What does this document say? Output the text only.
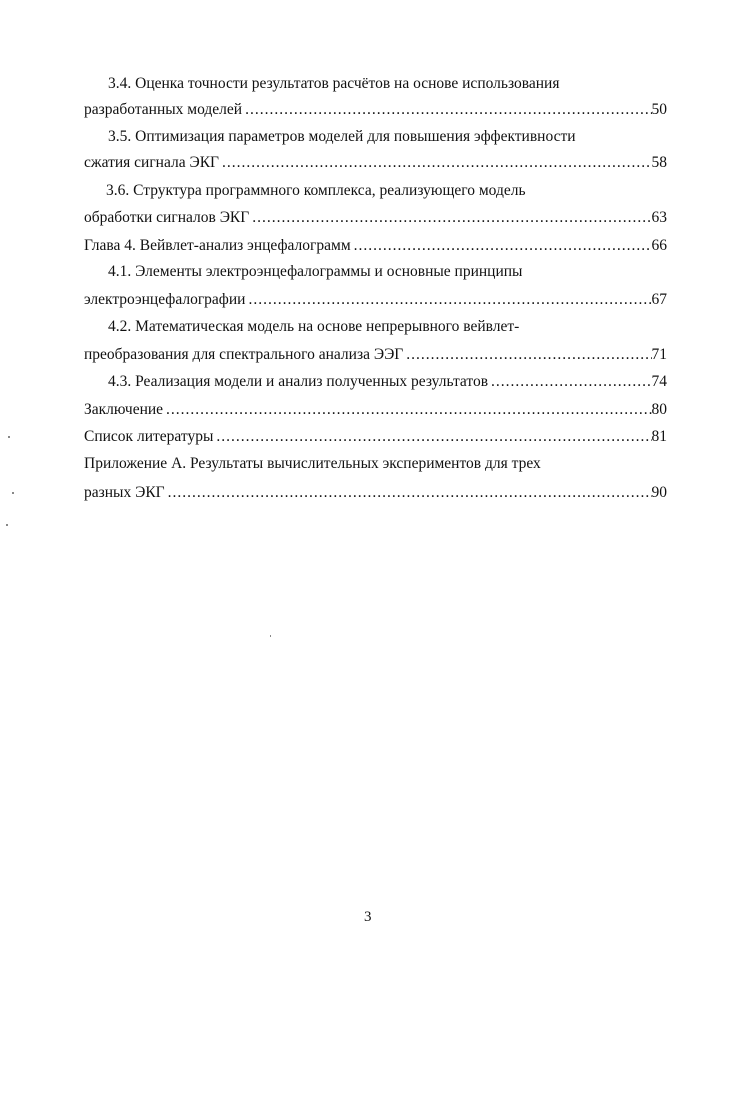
3.4. Оценка точности результатов расчётов на основе использования
разработанных моделей .....	50
3.5. Оптимизация параметров моделей для повышения эффективности
сжатия сигнала ЭКГ .....	58
3.6. Структура программного комплекса, реализующего модель
обработки сигналов ЭКГ .....	63
Глава 4. Вейвлет-анализ энцефалограмм .....	66
4.1. Элементы электроэнцефалограммы и основные принципы
электроэнцефалографии .....	67
4.2. Математическая модель на основе непрерывного вейвлет-
преобразования для спектрального анализа ЭЭГ .....	71
4.3. Реализация модели и анализ полученных результатов .....	74
Заключение .....	80
Список литературы .....	81
Приложение А. Результаты вычислительных экспериментов для трех
разных ЭКГ .....	90
3
